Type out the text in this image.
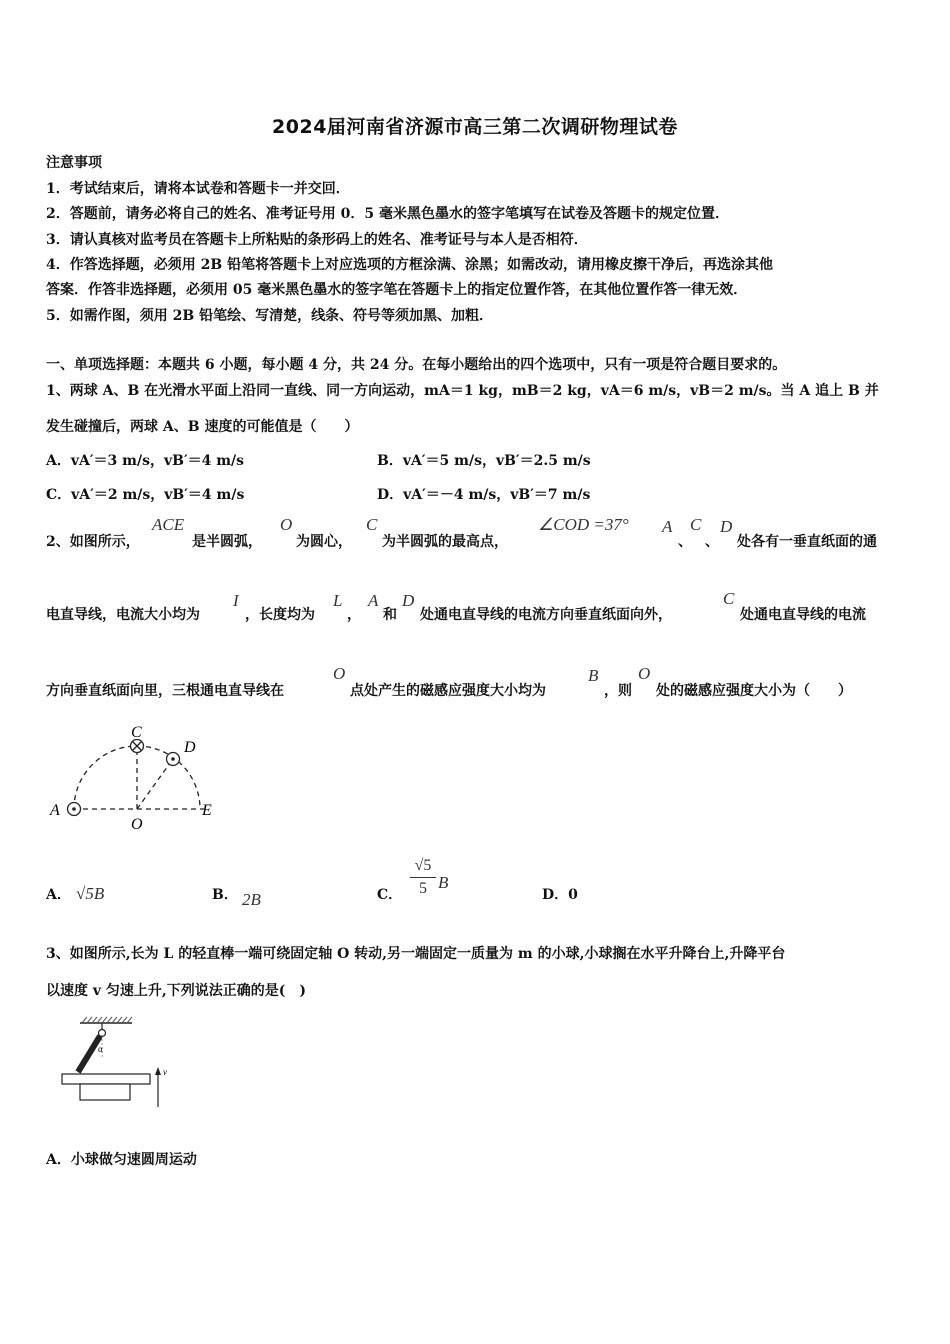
2024届河南省济源市高三第二次调研物理试卷
注意事项
1．考试结束后，请将本试卷和答题卡一并交回．
2．答题前，请务必将自己的姓名、准考证号用 0．5 毫米黑色墨水的签字笔填写在试卷及答题卡的规定位置．
3．请认真核对监考员在答题卡上所粘贴的条形码上的姓名、准考证号与本人是否相符．
4．作答选择题，必须用 2B 铅笔将答题卡上对应选项的方框涂满、涂黑；如需改动，请用橡皮擦干净后，再选涂其他
答案．作答非选择题，必须用 05 毫米黑色墨水的签字笔在答题卡上的指定位置作答，在其他位置作答一律无效．
5．如需作图，须用 2B 铅笔绘、写清楚，线条、符号等须加黑、加粗．
一、单项选择题：本题共 6 小题，每小题 4 分，共 24 分。在每小题给出的四个选项中，只有一项是符合题目要求的。
1、两球 A、B 在光滑水平面上沿同一直线、同一方向运动，mA＝1 kg，mB＝2 kg，vA＝6 m/s，vB＝2 m/s。当 A 追上 B 并
发生碰撞后，两球 A、B 速度的可能值是（　　）
A．vA′＝3 m/s，vB′＝4 m/s	B．vA′＝5 m/s，vB′＝2.5 m/s
C．vA′＝2 m/s，vB′＝4 m/s	D．vA′＝－4 m/s，vB′＝7 m/s
2、如图所示，
ACE
是半圆弧，
O
为圆心，
C
为半圆弧的最高点，
∠COD =37° A
、
C
、
D
处各有一垂直纸面的通
电直导线，电流大小均为
I
，长度均为
L
，
A
和
D
处通电直导线的电流方向垂直纸面向外，
C
处通电直导线的电流
方向垂直纸面向里，三根通电直导线在
O
点处产生的磁感应强度大小均为
B
，则
O
处的磁感应强度大小为（　　）
C
D
A
O
E
A． √5B	B． 2B	C．
√5
5 B
D．0
3、如图所示,长为 L 的轻直棒一端可绕固定轴 O 转动,另一端固定一质量为 m 的小球,小球搁在水平升降台上,升降平台
以速度 v 匀速上升,下列说法正确的是(　)
α
v
A．小球做匀速圆周运动
